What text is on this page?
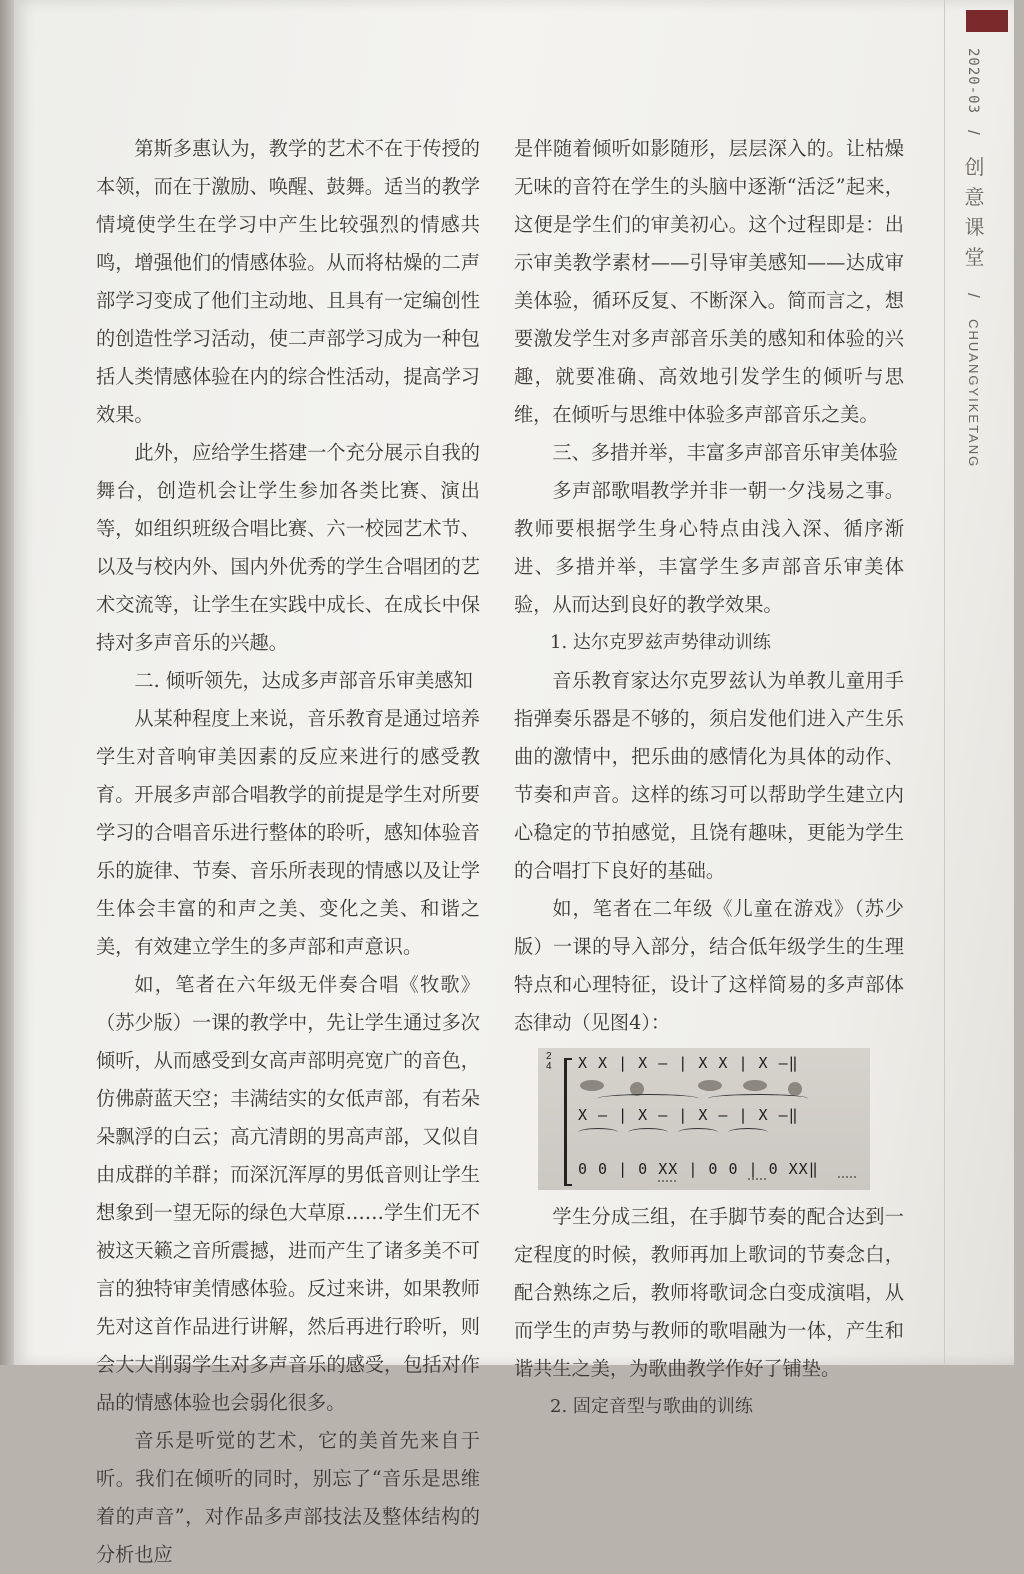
2020-03 / 创意课堂 / CHUANGYIKETANG

第斯多惠认为，教学的艺术不在于传授的本领，而在于激励、唤醒、鼓舞。适当的教学情境使学生在学习中产生比较强烈的情感共鸣，增强他们的情感体验。从而将枯燥的二声部学习变成了他们主动地、且具有一定编创性的创造性学习活动，使二声部学习成为一种包括人类情感体验在内的综合性活动，提高学习效果。

此外，应给学生搭建一个充分展示自我的舞台，创造机会让学生参加各类比赛、演出等，如组织班级合唱比赛、六一校园艺术节、以及与校内外、国内外优秀的学生合唱团的艺术交流等，让学生在实践中成长、在成长中保持对多声音乐的兴趣。

二. 倾听领先，达成多声部音乐审美感知

从某种程度上来说，音乐教育是通过培养学生对音响审美因素的反应来进行的感受教育。开展多声部合唱教学的前提是学生对所要学习的合唱音乐进行整体的聆听，感知体验音乐的旋律、节奏、音乐所表现的情感以及让学生体会丰富的和声之美、变化之美、和谐之美，有效建立学生的多声部和声意识。

如，笔者在六年级无伴奏合唱《牧歌》（苏少版）一课的教学中，先让学生通过多次倾听，从而感受到女高声部明亮宽广的音色，仿佛蔚蓝天空；丰满结实的女低声部，有若朵朵飘浮的白云；高亢清朗的男高声部，又似自由成群的羊群；而深沉浑厚的男低音则让学生想象到一望无际的绿色大草原……学生们无不被这天籁之音所震撼，进而产生了诸多美不可言的独特审美情感体验。反过来讲，如果教师先对这首作品进行讲解，然后再进行聆听，则会大大削弱学生对多声音乐的感受，包括对作品的情感体验也会弱化很多。

音乐是听觉的艺术，它的美首先来自于听。我们在倾听的同时，别忘了“音乐是思维着的声音”，对作品多声部技法及整体结构的分析也应

是伴随着倾听如影随形，层层深入的。让枯燥无味的音符在学生的头脑中逐渐“活泛”起来，这便是学生们的审美初心。这个过程即是：出示审美教学素材——引导审美感知——达成审美体验，循环反复、不断深入。简而言之，想要激发学生对多声部音乐美的感知和体验的兴趣，就要准确、高效地引发学生的倾听与思维，在倾听与思维中体验多声部音乐之美。

三、多措并举，丰富多声部音乐审美体验

多声部歌唱教学并非一朝一夕浅易之事。教师要根据学生身心特点由浅入深、循序渐进、多措并举，丰富学生多声部音乐审美体验，从而达到良好的教学效果。

1. 达尔克罗兹声势律动训练

音乐教育家达尔克罗兹认为单教儿童用手指弹奏乐器是不够的，须启发他们进入产生乐曲的激情中，把乐曲的感情化为具体的动作、节奏和声音。这样的练习可以帮助学生建立内心稳定的节拍感觉，且饶有趣味，更能为学生的合唱打下良好的基础。

如，笔者在二年级《儿童在游戏》（苏少版）一课的导入部分，结合低年级学生的生理特点和心理特征，设计了这样简易的多声部体态律动（见图4）：

2
4 X X | X — | X X | X —‖
X — | X — | X — | X —‖
0 0 | 0 XX | 0 0 | 0 XX‖

学生分成三组，在手脚节奏的配合达到一定程度的时候，教师再加上歌词的节奏念白，配合熟练之后，教师将歌词念白变成演唱，从而学生的声势与教师的歌唱融为一体，产生和谐共生之美，为歌曲教学作好了铺垫。

2. 固定音型与歌曲的训练
